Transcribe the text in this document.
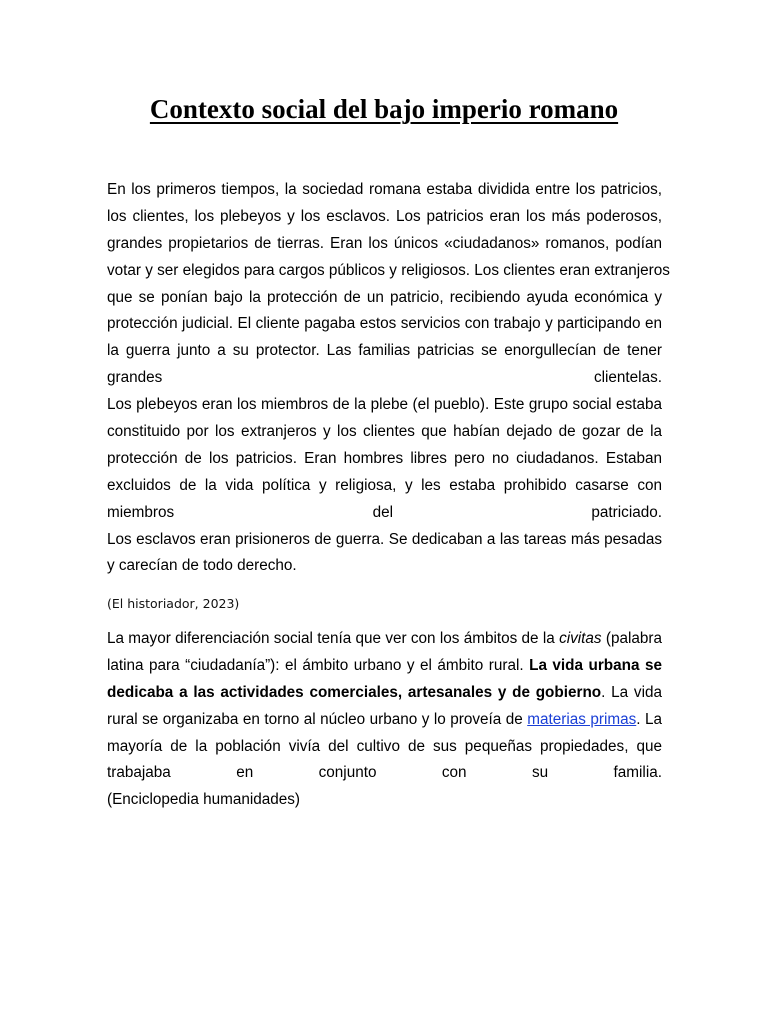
Contexto social del bajo imperio romano
En los primeros tiempos, la sociedad romana estaba dividida entre los patricios,
los clientes, los plebeyos y los esclavos. Los patricios eran los más poderosos,
grandes propietarios de tierras. Eran los únicos «ciudadanos» romanos, podían
votar y ser elegidos para cargos públicos y religiosos. Los clientes eran extranjeros
que se ponían bajo la protección de un patricio, recibiendo ayuda económica y
protección judicial. El cliente pagaba estos servicios con trabajo y participando en
la guerra junto a su protector. Las familias patricias se enorgullecían de tener
grandes clientelas.
Los plebeyos eran los miembros de la plebe (el pueblo). Este grupo social estaba
constituido por los extranjeros y los clientes que habían dejado de gozar de la
protección de los patricios. Eran hombres libres pero no ciudadanos. Estaban
excluidos de la vida política y religiosa, y les estaba prohibido casarse con
miembros del patriciado.
Los esclavos eran prisioneros de guerra. Se dedicaban a las tareas más pesadas
y carecían de todo derecho.
(El historiador, 2023)
La mayor diferenciación social tenía que ver con los ámbitos de la civitas (palabra
latina para “ciudadanía”): el ámbito urbano y el ámbito rural. La vida urbana se
dedicaba a las actividades comerciales, artesanales y de gobierno. La vida
rural se organizaba en torno al núcleo urbano y lo proveía de materias primas. La
mayoría de la población vivía del cultivo de sus pequeñas propiedades, que
trabajaba en conjunto con su familia.
(Enciclopedia humanidades)
